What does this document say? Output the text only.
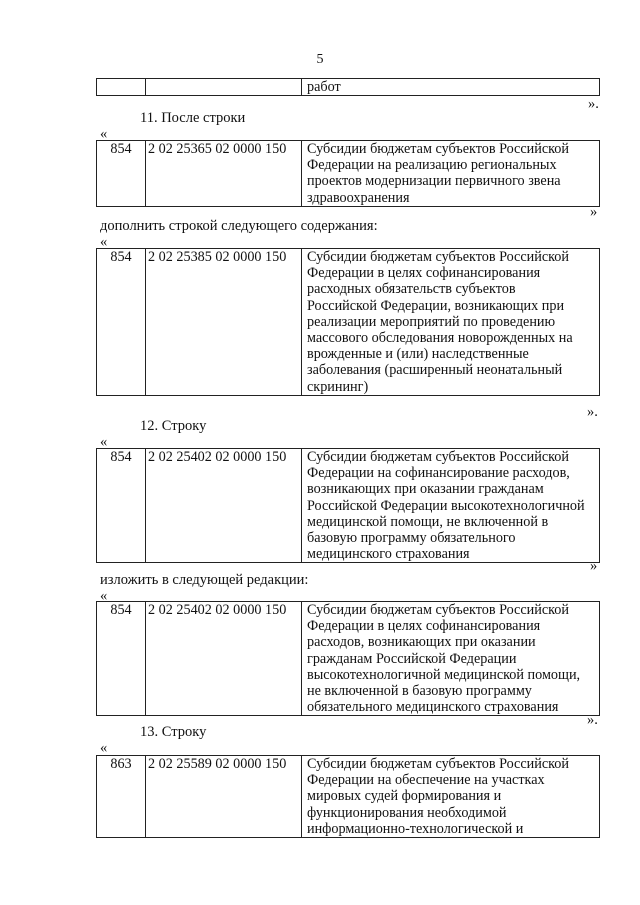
5

работ
».
11. После строки
«
854	2 02 25365 02 0000 150	Субсидии бюджетам субъектов Российской
Федерации на реализацию региональных
проектов модернизации первичного звена
здравоохранения
»
дополнить строкой следующего содержания:
«
854	2 02 25385 02 0000 150	Субсидии бюджетам субъектов Российской
Федерации в целях софинансирования
расходных обязательств субъектов
Российской Федерации, возникающих при
реализации мероприятий по проведению
массового обследования новорожденных на
врожденные и (или) наследственные
заболевания (расширенный неонатальный
скрининг)
».
12. Строку
«
854	2 02 25402 02 0000 150	Субсидии бюджетам субъектов Российской
Федерации на софинансирование расходов,
возникающих при оказании гражданам
Российской Федерации высокотехнологичной
медицинской помощи, не включенной в
базовую программу обязательного
медицинского страхования
»
изложить в следующей редакции:
«
854	2 02 25402 02 0000 150	Субсидии бюджетам субъектов Российской
Федерации в целях софинансирования
расходов, возникающих при оказании
гражданам Российской Федерации
высокотехнологичной медицинской помощи,
не включенной в базовую программу
обязательного медицинского страхования
».
13. Строку
«
863	2 02 25589 02 0000 150	Субсидии бюджетам субъектов Российской
Федерации на обеспечение на участках
мировых судей формирования и
функционирования необходимой
информационно-технологической и
